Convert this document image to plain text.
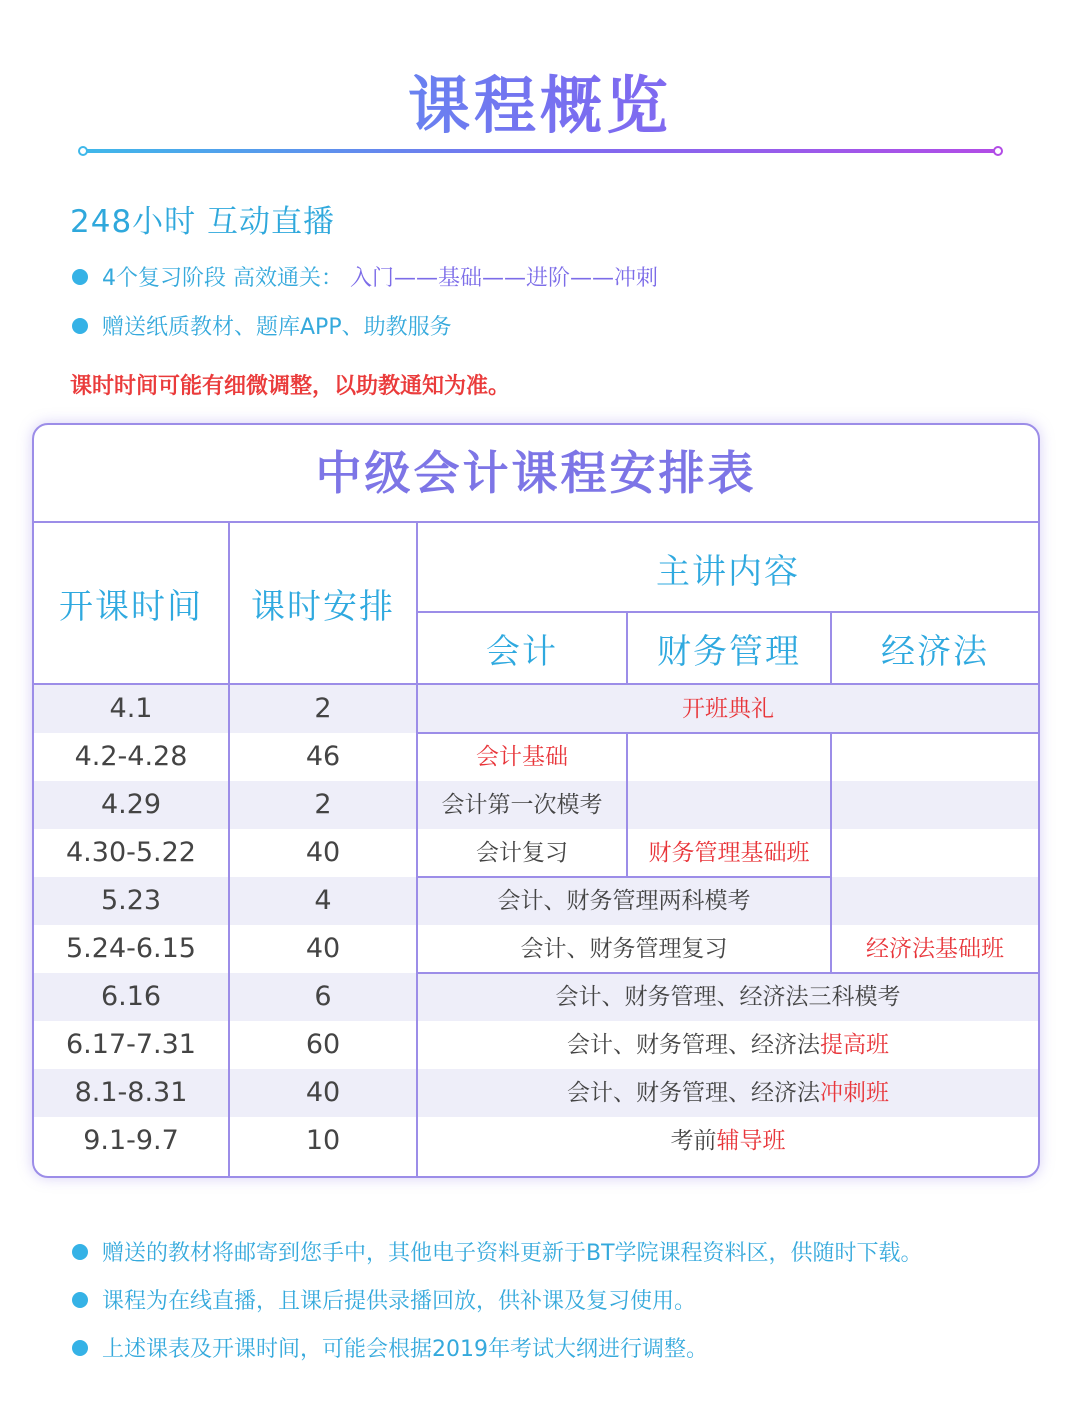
课程概览
248小时 互动直播
4个复习阶段 高效通关： 入门——基础——进阶——冲刺
赠送纸质教材、题库APP、助教服务
课时时间可能有细微调整，以助教通知为准。
中级会计课程安排表
开课时间	课时安排
主讲内容
会计	财务管理	经济法
4.1	2	开班典礼
4.2-4.28	46	会计基础
4.29	2	会计第一次模考
4.30-5.22	40	会计复习	财务管理基础班
5.23	4	会计、财务管理两科模考
5.24-6.15	40	会计、财务管理复习	经济法基础班
6.16	6	会计、财务管理、经济法三科模考
6.17-7.31	60	会计、财务管理、经济法提高班
8.1-8.31	40	会计、财务管理、经济法冲刺班
9.1-9.7	10	考前辅导班
赠送的教材将邮寄到您手中，其他电子资料更新于BT学院课程资料区，供随时下载。
课程为在线直播，且课后提供录播回放，供补课及复习使用。
上述课表及开课时间，可能会根据2019年考试大纲进行调整。
